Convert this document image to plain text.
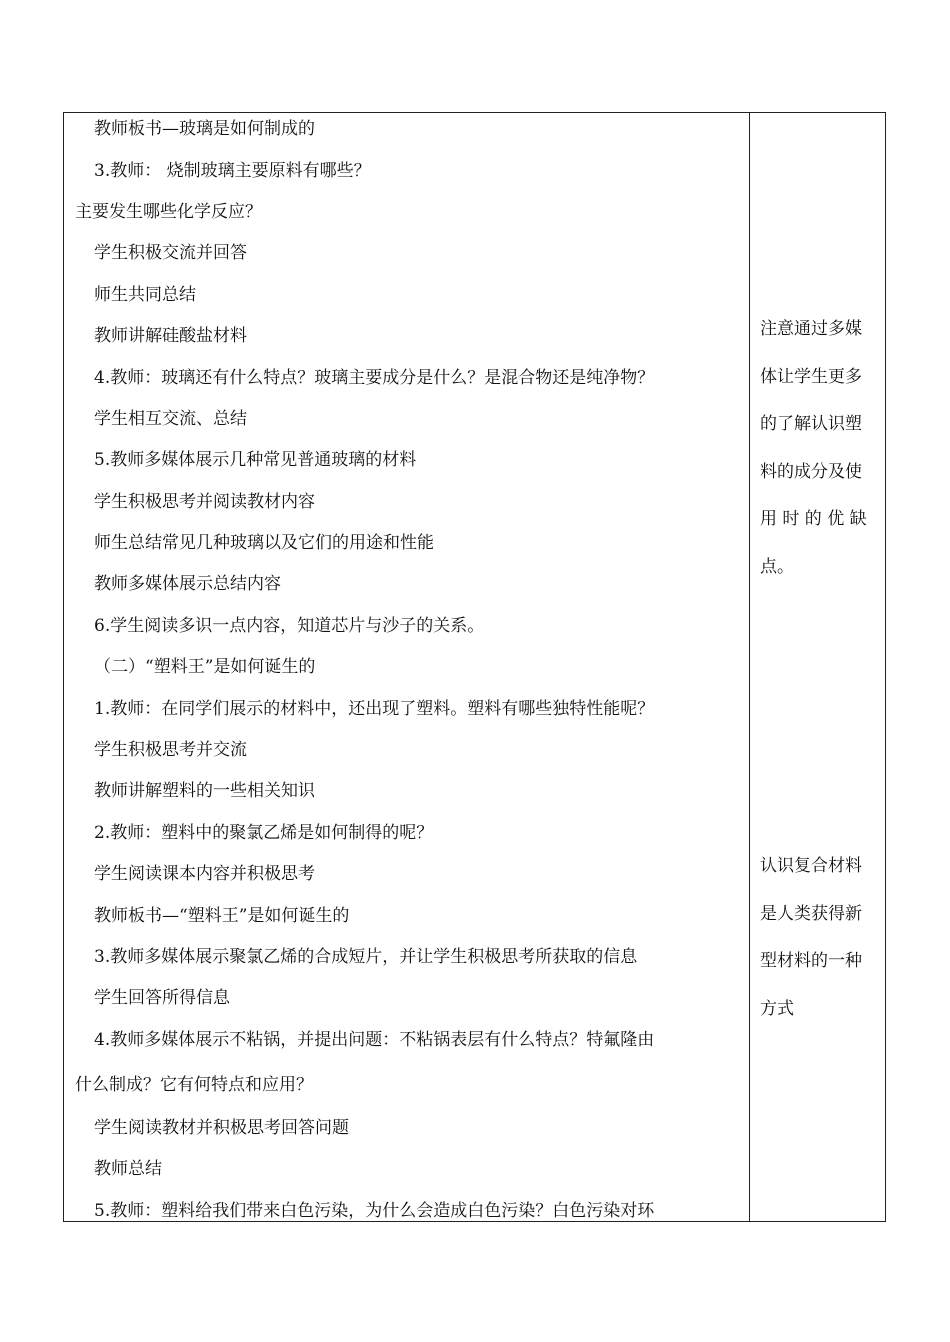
教师板书—玻璃是如何制成的
3.教师： 烧制玻璃主要原料有哪些？
主要发生哪些化学反应？
学生积极交流并回答
师生共同总结
教师讲解硅酸盐材料
4.教师：玻璃还有什么特点？玻璃主要成分是什么？是混合物还是纯净物？
学生相互交流、总结
5.教师多媒体展示几种常见普通玻璃的材料
学生积极思考并阅读教材内容
师生总结常见几种玻璃以及它们的用途和性能
教师多媒体展示总结内容
6.学生阅读多识一点内容，知道芯片与沙子的关系。
（二）“塑料王”是如何诞生的
1.教师：在同学们展示的材料中，还出现了塑料。塑料有哪些独特性能呢？
学生积极思考并交流
教师讲解塑料的一些相关知识
2.教师：塑料中的聚氯乙烯是如何制得的呢？
学生阅读课本内容并积极思考
教师板书—“塑料王”是如何诞生的
3.教师多媒体展示聚氯乙烯的合成短片，并让学生积极思考所获取的信息
学生回答所得信息
4.教师多媒体展示不粘锅，并提出问题：不粘锅表层有什么特点？特氟隆由
什么制成？它有何特点和应用？
学生阅读教材并积极思考回答问题
教师总结
5.教师：塑料给我们带来白色污染，为什么会造成白色污染？白色污染对环
注意通过多媒
体让学生更多
的了解认识塑
料的成分及使
用 时 的 优 缺
点。
认识复合材料
是人类获得新
型材料的一种
方式
